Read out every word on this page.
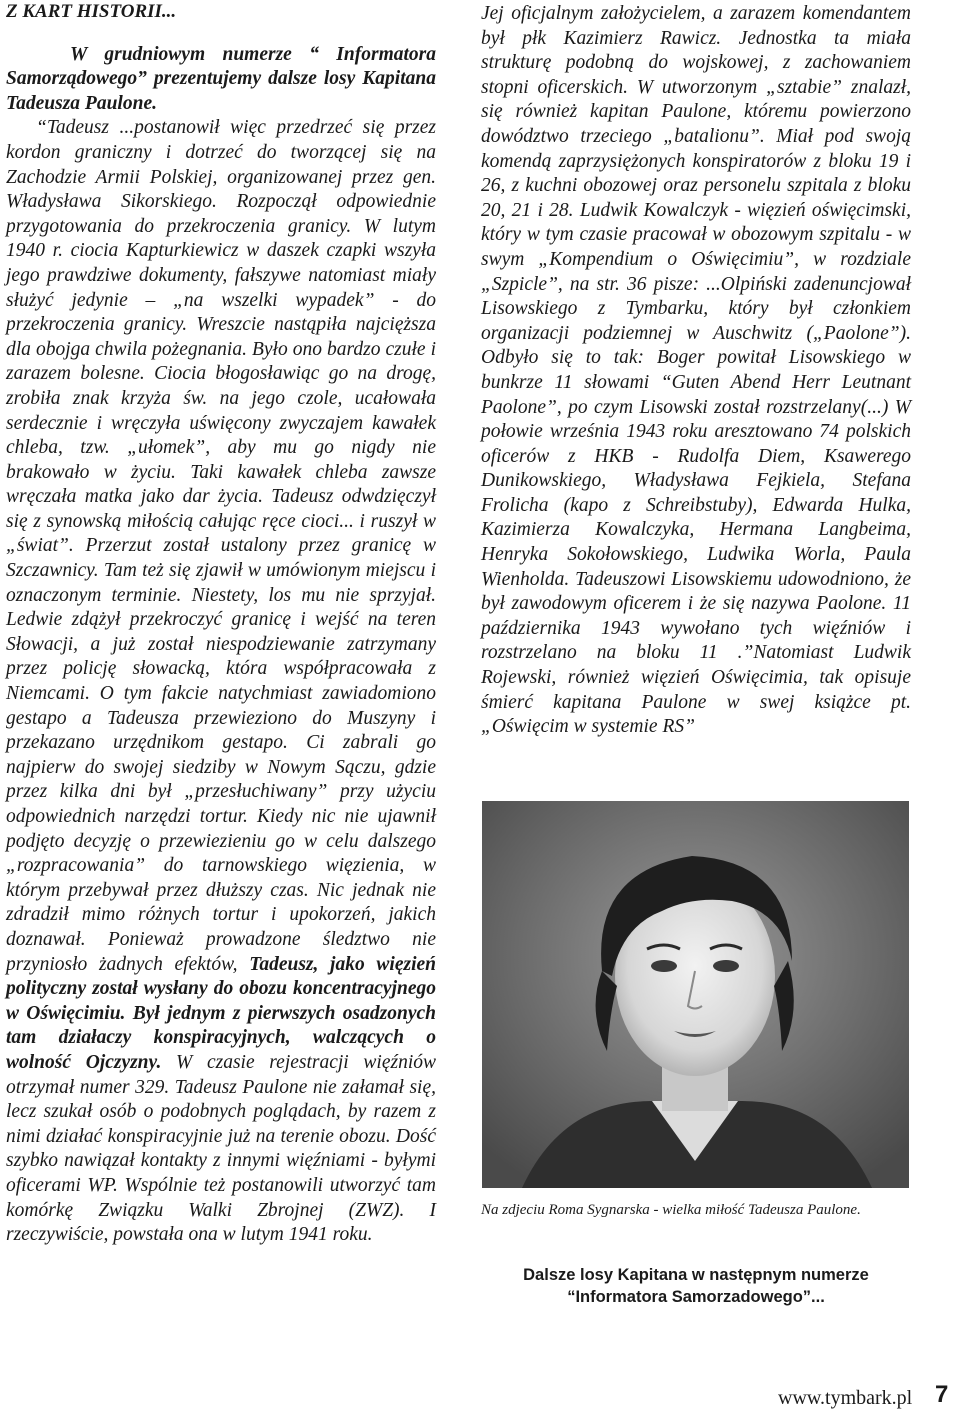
Z KART HISTORII...

W grudniowym numerze “ Informatora Samorządowego” prezentujemy dalsze losy Kapitana Tadeusza Paulone.

“Tadeusz ...postanowił więc przedrzeć się przez kordon graniczny i dotrzeć do tworzącej się na Zachodzie Armii Polskiej, organizowanej przez gen. Władysława Sikorskiego. Rozpoczął odpowiednie przygotowania do przekroczenia granicy. W lutym 1940 r. ciocia Kapturkiewicz w daszek czapki wszyła jego prawdziwe dokumenty, fałszywe natomiast miały służyć jedynie – „na wszelki wypadek” - do przekroczenia granicy. Wreszcie nastąpiła najcięższa dla obojga chwila pożegnania. Było ono bardzo czułe i zarazem bolesne. Ciocia błogosławiąc go na drogę, zrobiła znak krzyża św. na jego czole, ucałowała serdecznie i wręczyła uświęcony zwyczajem kawałek chleba, tzw. „ułomek”, aby mu go nigdy nie brakowało w życiu. Taki kawałek chleba zawsze wręczała matka jako dar życia. Tadeusz odwdzięczył się z synowską miłością całując ręce cioci... i ruszył w „świat”. Przerzut został ustalony przez granicę w Szczawnicy. Tam też się zjawił w umówionym miejscu i oznaczonym terminie. Niestety, los mu nie sprzyjał. Ledwie zdążył przekroczyć granicę i wejść na teren Słowacji, a już został niespodziewanie zatrzymany przez policję słowacką, która współpracowała z Niemcami. O tym fakcie natychmiast zawiadomiono gestapo a Tadeusza przewieziono do Muszyny i przekazano urzędnikom gestapo. Ci zabrali go najpierw do swojej siedziby w Nowym Sączu, gdzie przez kilka dni był „przesłuchiwany” przy użyciu odpowiednich narzędzi tortur. Kiedy nic nie ujawnił podjęto decyzję o przewiezieniu go w celu dalszego „rozpracowania” do tarnowskiego więzienia, w którym przebywał przez dłuższy czas. Nic jednak nie zdradził mimo różnych tortur i upokorzeń, jakich doznawał. Ponieważ prowadzone śledztwo nie przyniosło żadnych efektów, Tadeusz, jako więzień polityczny został wysłany do obozu koncentracyjnego w Oświęcimiu. Był jednym z pierwszych osadzonych tam działaczy konspiracyjnych, walczących o wolność Ojczyzny. W czasie rejestracji więźniów otrzymał numer 329. Tadeusz Paulone nie załamał się, lecz szukał osób o podobnych poglądach, by razem z nimi działać konspiracyjnie już na terenie obozu. Dość szybko nawiązał kontakty z innymi więźniami - byłymi oficerami WP. Wspólnie też postanowili utworzyć tam komórkę Związku Walki Zbrojnej (ZWZ). I rzeczywiście, powstała ona w lutym 1941 roku.

Jej oficjalnym założycielem, a zarazem komendantem był płk Kazimierz Rawicz. Jednostka ta miała strukturę podobną do wojskowej, z zachowaniem stopni oficerskich. W utworzonym „sztabie” znalazł, się również kapitan Paulone, któremu powierzono dowództwo trzeciego „batalionu”. Miał pod swoją komendą zaprzysiężonych konspiratorów z bloku 19 i 26, z kuchni obozowej oraz personelu szpitala z bloku 20, 21 i 28. Ludwik Kowalczyk - więzień oświęcimski, który w tym czasie pracował w obozowym szpitalu - w swym „Kompendium o Oświęcimiu”, w rozdziale „Szpicle”, na str. 36 pisze: ...Olpiński zadenuncjował Lisowskiego z Tymbarku, który był członkiem organizacji podziemnej w Auschwitz („Paolone”). Odbyło się to tak: Boger powitał Lisowskiego w bunkrze 11 słowami “Guten Abend Herr Leutnant Paolone”, po czym Lisowski został rozstrzelany(...) W połowie września 1943 roku aresztowano 74 polskich oficerów z HKB - Rudolfa Diem, Ksawerego Dunikowskiego, Władysława Fejkiela, Stefana Frolicha (kapo z Schreibstuby), Edwarda Hulka, Kazimierza Kowalczyka, Hermana Langbeima, Henryka Sokołowskiego, Ludwika Worla, Paula Wienholda. Tadeuszowi Lisowskiemu udowodniono, że był zawodowym oficerem i że się nazywa Paolone. 11 października 1943 wywołano tych więźniów i rozstrzelano na bloku 11 .”Natomiast Ludwik Rojewski, również więzień Oświęcimia, tak opisuje śmierć kapitana Paulone w swej książce pt. „Oświęcim w systemie RS”

Na zdjeciu Roma Sygnarska - wielka miłość Tadeusza Paulone.
Dalsze losy Kapitana w następnym numerze
“Informatora Samorzadowego”...
www.tymbark.pl 7
